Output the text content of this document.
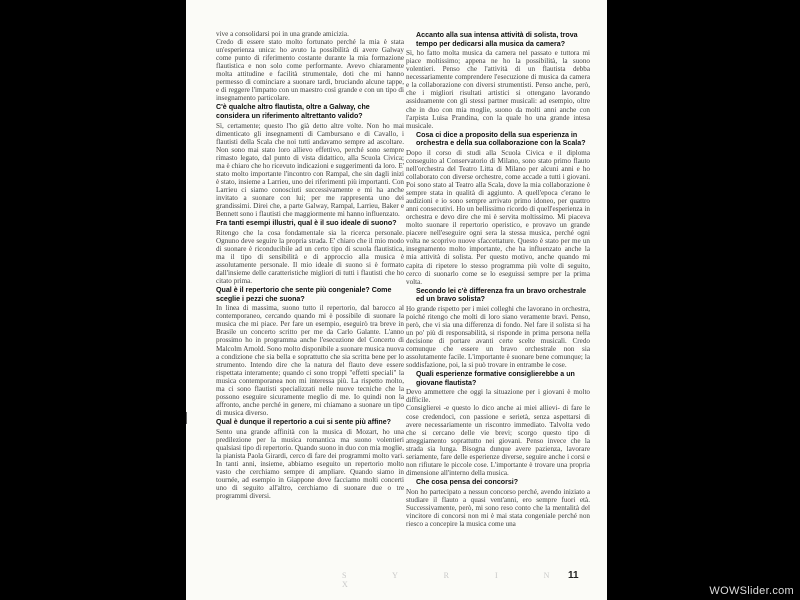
vive a consolidarsi poi in una grande amicizia.

Credo di essere stato molto fortunato perché la mia è stata un'esperienza unica: ho avuto la possibilità di avere Galway come punto di riferimento costante durante la mia formazione flautistica e non solo come performante. Avevo chiaramente molta attitudine e facilità strumentale, doti che mi hanno permesso di cominciare a suonare tardi, bruciando alcune tappe, e di reggere l'impatto con un maestro così grande e con un tipo di insegnamento particolare.

C'è qualche altro flautista, oltre a Galway, che considera un riferimento altrettanto valido?

Sì, certamente; questo l'ho già detto altre volte. Non ho mai dimenticato gli insegnamenti di Cambursano e di Cavallo, i flautisti della Scala che noi tutti andavamo sempre ad ascoltare. Non sono mai stato loro allievo effettivo, perché sono sempre rimasto legato, dal punto di vista didattico, alla Scuola Civica; ma è chiaro che ho ricevuto indicazioni e suggerimenti da loro. E' stato molto importante l'incontro con Rampal, che sin dagli inizi è stato, insieme a Larrieu, uno dei riferimenti più importanti. Con Larrieu ci siamo conosciuti successivamente e mi ha anche invitato a suonare con lui; per me rappresenta uno dei grandissimi. Direi che, a parte Galway, Rampal, Larrieu, Baker e Bennett sono i flautisti che maggiormente mi hanno influenzato.

Fra tanti esempi illustri, qual è il suo ideale di suono?

Ritengo che la cosa fondamentale sia la ricerca personale. Ognuno deve seguire la propria strada. E' chiaro che il mio modo di suonare è riconducibile ad un certo tipo di scuola flautistica, ma il tipo di sensibilità e di approccio alla musica è assolutamente personale. Il mio ideale di suono si è formato dall'insieme delle caratteristiche migliori di tutti i flautisti che ho citato prima.

Qual è il repertorio che sente più congeniale? Come sceglie i pezzi che suona?

In linea di massima, suono tutto il repertorio, dal barocco al contemporaneo, cercando quando mi è possibile di suonare la musica che mi piace. Per fare un esempio, eseguirò tra breve in Brasile un concerto scritto per me da Carlo Galante. L'anno prossimo ho in programma anche l'esecuzione del Concerto di Malcolm Arnold. Sono molto disponibile a suonare musica nuova a condizione che sia bella e soprattutto che sia scritta bene per lo strumento. Intendo dire che la natura del flauto deve essere rispettata interamente; quando ci sono troppi "effetti speciali" la musica contemporanea non mi interessa più. La rispetto molto, ma ci sono flautisti specializzati nelle nuove tecniche che la possono eseguire sicuramente meglio di me. Io quindi non la affronto, anche perché in genere, mi chiamano a suonare un tipo di musica diverso.

Qual è dunque il repertorio a cui si sente più affine?

Sento una grande affinità con la musica di Mozart, ho una predilezione per la musica romantica ma suono volentieri qualsiasi tipo di repertorio. Quando suono in duo con mia moglie, la pianista Paola Girardi, cerco di fare dei programmi molto vari. In tanti anni, insieme, abbiamo eseguito un repertorio molto vasto che cerchiamo sempre di ampliare. Quando siamo in tournée, ad esempio in Giappone dove facciamo molti concerti uno di seguito all'altro, cerchiamo di suonare due o tre programmi diversi.

Accanto alla sua intensa attività di solista, trova tempo per dedicarsi alla musica da camera?

Sì, ho fatto molta musica da camera nel passato e tuttora mi piace moltissimo; appena ne ho la possibilità, la suono volentieri. Penso che l'attività di un flautista debba necessariamente comprendere l'esecuzione di musica da camera e la collaborazione con diversi strumentisti. Penso anche, però, che i migliori risultati artistici si ottengano lavorando assiduamente con gli stessi partner musicali: ad esempio, oltre che in duo con mia moglie, suono da molti anni anche con l'arpista Luisa Prandina, con la quale ho una grande intesa musicale.

Cosa ci dice a proposito della sua esperienza in orchestra e della sua collaborazione con la Scala?

Dopo il corso di studi alla Scuola Civica e il diploma conseguito al Conservatorio di Milano, sono stato primo flauto nell'orchestra del Teatro Litta di Milano per alcuni anni e ho collaborato con diverse orchestre, come accade a tutti i giovani. Poi sono stato al Teatro alla Scala, dove la mia collaborazione è sempre stata in qualità di aggiunto. A quell'epoca c'erano le audizioni e io sono sempre arrivato primo idoneo, per quattro anni consecutivi. Ho un bellissimo ricordo di quell'esperienza in orchestra e devo dire che mi è servita moltissimo. Mi piaceva molto suonare il repertorio operistico, e provavo un grande piacere nell'eseguire ogni sera la stessa musica, perché ogni volta ne scoprivo nuove sfaccettature. Questo è stato per me un insegnamento molto importante, che ha influenzato anche la mia attività di solista. Per questo motivo, anche quando mi capita di ripetere lo stesso programma più volte di seguito, cerco di suonarlo come se lo eseguissi sempre per la prima volta.

Secondo lei c'è differenza fra un bravo orchestrale ed un bravo solista?

Ho grande rispetto per i miei colleghi che lavorano in orchestra, poiché ritengo che molti di loro siano veramente bravi. Penso, però, che vi sia una differenza di fondo. Nel fare il solista si ha un po' più di responsabilità, si risponde in prima persona nella decisione di portare avanti certe scelte musicali. Credo comunque che essere un bravo orchestrale non sia assolutamente facile. L'importante è suonare bene comunque; la soddisfazione, poi, la si può trovare in entrambe le cose.

Quali esperienze formative consiglierebbe a un giovane flautista?

Devo ammettere che oggi la situazione per i giovani è molto difficile.

Consiglierei -e questo lo dico anche ai miei allievi- di fare le cose credendoci, con passione e serietà, senza aspettarsi di avere necessariamente un riscontro immediato. Talvolta vedo che si cercano delle vie brevi; scorgo questo tipo di atteggiamento soprattutto nei giovani. Penso invece che la strada sia lunga. Bisogna dunque avere pazienza, lavorare seriamente, fare delle esperienze diverse, seguire anche i corsi e non rifiutare le piccole cose. L'importante è trovare una propria dimensione all'interno della musica.

Che cosa pensa dei concorsi?

Non ho partecipato a nessun concorso perché, avendo iniziato a studiare il flauto a quasi vent'anni, ero sempre fuori età. Successivamente, però, mi sono reso conto che la mentalità del vincitore di concorsi non mi è mai stata congeniale perché non riesco a concepire la musica come una

S Y R I N X
11
WOWSlider.com
